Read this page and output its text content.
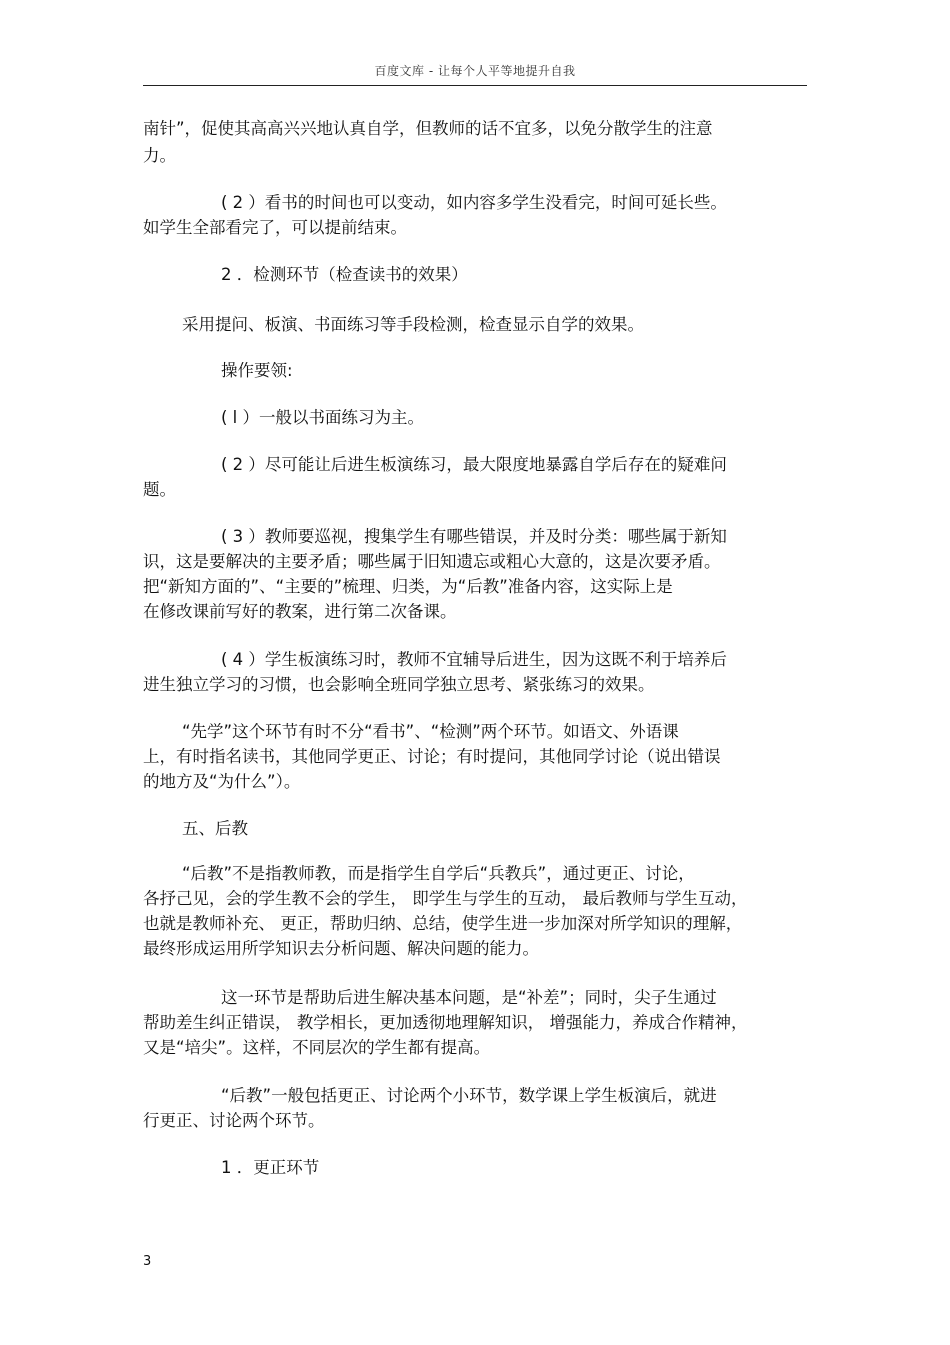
百度文库 - 让每个人平等地提升自我
南针”，促使其高高兴兴地认真自学，但教师的话不宜多，以免分散学生的注意
力。
( 2 ）看书的时间也可以变动，如内容多学生没看完，时间可延长些。
如学生全部看完了，可以提前结束。
2 ．检测环节（检查读书的效果）
采用提问、板演、书面练习等手段检测，检查显示自学的效果。
操作要领:
( l ）一般以书面练习为主。
( 2 ）尽可能让后进生板演练习，最大限度地暴露自学后存在的疑难问
题。
( 3 ）教师要巡视，搜集学生有哪些错误，并及时分类：哪些属于新知
识，这是要解决的主要矛盾；哪些属于旧知遗忘或粗心大意的，这是次要矛盾。
把“新知方面的”、“主要的”梳理、归类，为“后教”准备内容，这实际上是
在修改课前写好的教案，进行第二次备课。
( 4 ）学生板演练习时，教师不宜辅导后进生，因为这既不利于培养后
进生独立学习的习惯，也会影响全班同学独立思考、紧张练习的效果。
“先学”这个环节有时不分“看书”、“检测”两个环节。如语文、外语课
上，有时指名读书，其他同学更正、讨论；有时提问，其他同学讨论（说出错误
的地方及“为什么”）。
五、后教
“后教”不是指教师教，而是指学生自学后“兵教兵”，通过更正、讨论，
各抒己见，会的学生教不会的学生， 即学生与学生的互动， 最后教师与学生互动，
也就是教师补充、 更正，帮助归纳、总结，使学生进一步加深对所学知识的理解，
最终形成运用所学知识去分析问题、解决问题的能力。
这一环节是帮助后进生解决基本问题，是“补差”；同时，尖子生通过
帮助差生纠正错误， 教学相长，更加透彻地理解知识， 增强能力，养成合作精神，
又是“培尖”。这样，不同层次的学生都有提高。
“后教”一般包括更正、讨论两个小环节，数学课上学生板演后，就进
行更正、讨论两个环节。
1 ．更正环节
3
